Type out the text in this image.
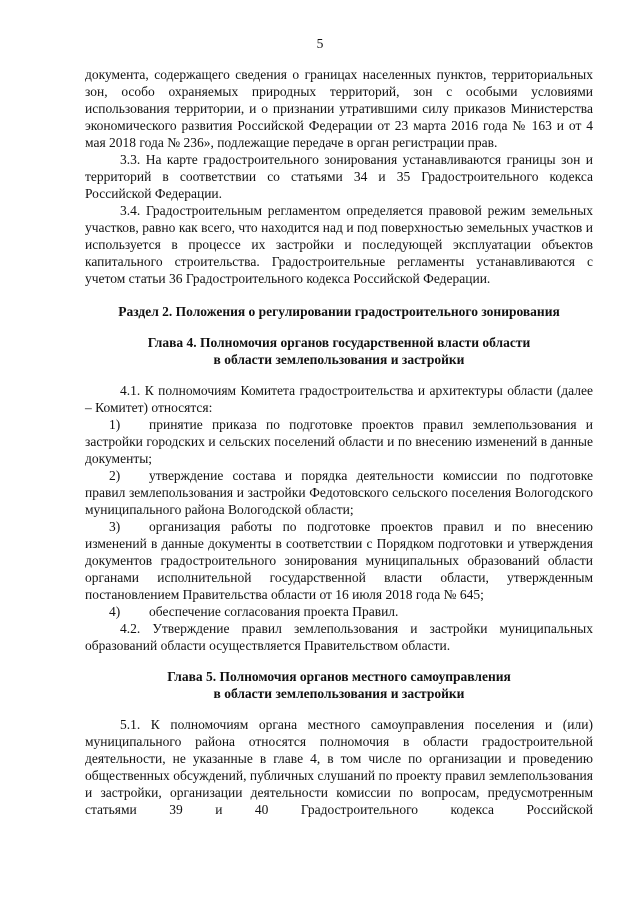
5

документа, содержащего сведения о границах населенных пунктов, территориальных зон, особо охраняемых природных территорий, зон с особыми условиями использования территории, и о признании утратившими силу приказов Министерства экономического развития Российской Федерации от 23 марта 2016 года № 163 и от 4 мая 2018 года № 236», подлежащие передаче в орган регистрации прав.

3.3. На карте градостроительного зонирования устанавливаются границы зон и территорий в соответствии со статьями 34 и 35 Градостроительного кодекса Российской Федерации.

3.4. Градостроительным регламентом определяется правовой режим земельных участков, равно как всего, что находится над и под поверхностью земельных участков и используется в процессе их застройки и последующей эксплуатации объектов капитального строительства. Градостроительные регламенты устанавливаются с учетом статьи 36 Градостроительного кодекса Российской Федерации.

Раздел 2. Положения о регулировании градостроительного зонирования

Глава 4. Полномочия органов государственной власти области
в области землепользования и застройки

4.1. К полномочиям Комитета градостроительства и архитектуры области (далее – Комитет) относятся:

1) принятие приказа по подготовке проектов правил землепользования и застройки городских и сельских поселений области и по внесению изменений в данные документы;

2) утверждение состава и порядка деятельности комиссии по подготовке правил землепользования и застройки Федотовского сельского поселения Вологодского муниципального района Вологодской области;

3) организация работы по подготовке проектов правил и по внесению изменений в данные документы в соответствии с Порядком подготовки и утверждения документов градостроительного зонирования муниципальных образований области органами исполнительной государственной власти области, утвержденным постановлением Правительства области от 16 июля 2018 года № 645;

4) обеспечение согласования проекта Правил.

4.2. Утверждение правил землепользования и застройки муниципальных образований области осуществляется Правительством области.

Глава 5. Полномочия органов местного самоуправления
в области землепользования и застройки

5.1. К полномочиям органа местного самоуправления поселения и (или) муниципального района относятся полномочия в области градостроительной деятельности, не указанные в главе 4, в том числе по организации и проведению общественных обсуждений, публичных слушаний по проекту правил землепользования и застройки, организации деятельности комиссии по вопросам, предусмотренным статьями 39 и 40 Градостроительного кодекса Российской
